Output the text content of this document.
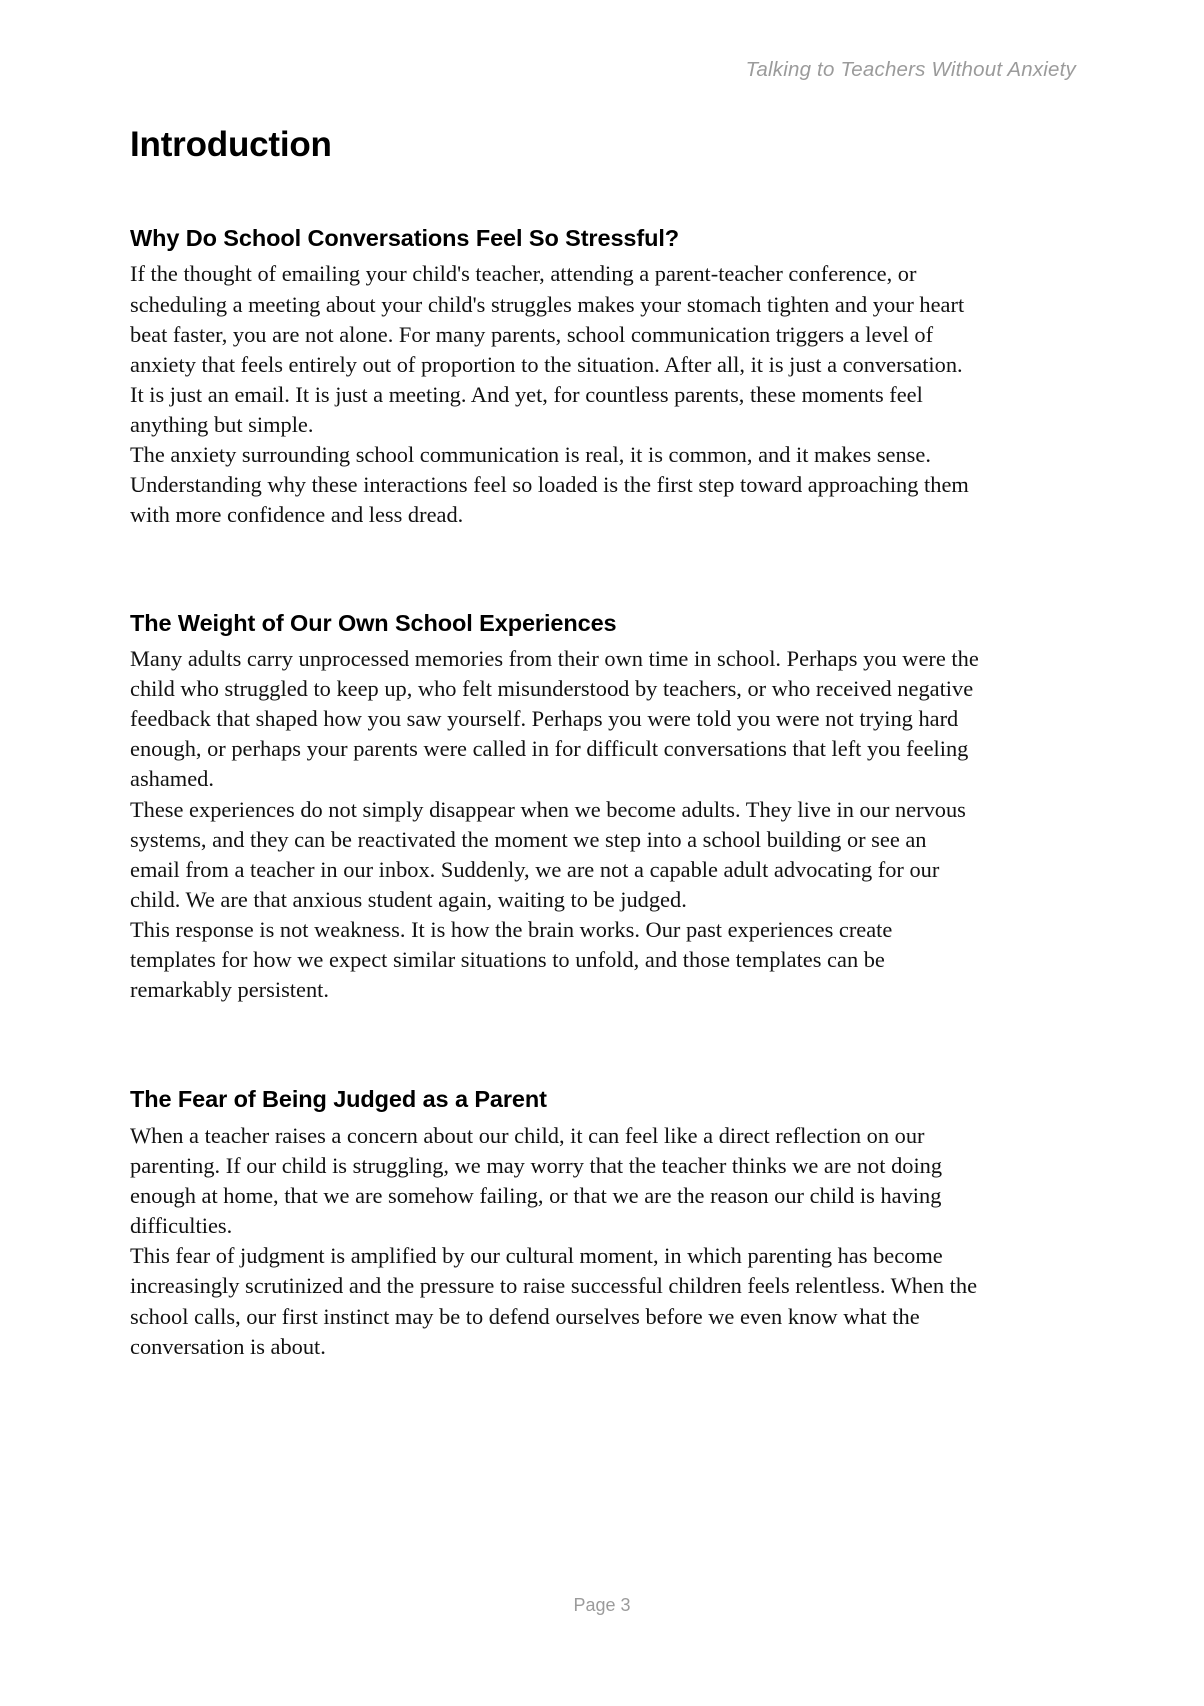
Talking to Teachers Without Anxiety
Introduction
Why Do School Conversations Feel So Stressful?

If the thought of emailing your child's teacher, attending a parent-teacher conference, or scheduling a meeting about your child's struggles makes your stomach tighten and your heart beat faster, you are not alone. For many parents, school communication triggers a level of anxiety that feels entirely out of proportion to the situation. After all, it is just a conversation. It is just an email. It is just a meeting. And yet, for countless parents, these moments feel anything but simple.

The anxiety surrounding school communication is real, it is common, and it makes sense. Understanding why these interactions feel so loaded is the first step toward approaching them with more confidence and less dread.

The Weight of Our Own School Experiences

Many adults carry unprocessed memories from their own time in school. Perhaps you were the child who struggled to keep up, who felt misunderstood by teachers, or who received negative feedback that shaped how you saw yourself. Perhaps you were told you were not trying hard enough, or perhaps your parents were called in for difficult conversations that left you feeling ashamed.

These experiences do not simply disappear when we become adults. They live in our nervous systems, and they can be reactivated the moment we step into a school building or see an email from a teacher in our inbox. Suddenly, we are not a capable adult advocating for our child. We are that anxious student again, waiting to be judged.

This response is not weakness. It is how the brain works. Our past experiences create templates for how we expect similar situations to unfold, and those templates can be remarkably persistent.

The Fear of Being Judged as a Parent

When a teacher raises a concern about our child, it can feel like a direct reflection on our parenting. If our child is struggling, we may worry that the teacher thinks we are not doing enough at home, that we are somehow failing, or that we are the reason our child is having difficulties.

This fear of judgment is amplified by our cultural moment, in which parenting has become increasingly scrutinized and the pressure to raise successful children feels relentless. When the school calls, our first instinct may be to defend ourselves before we even know what the conversation is about.

Page 3
